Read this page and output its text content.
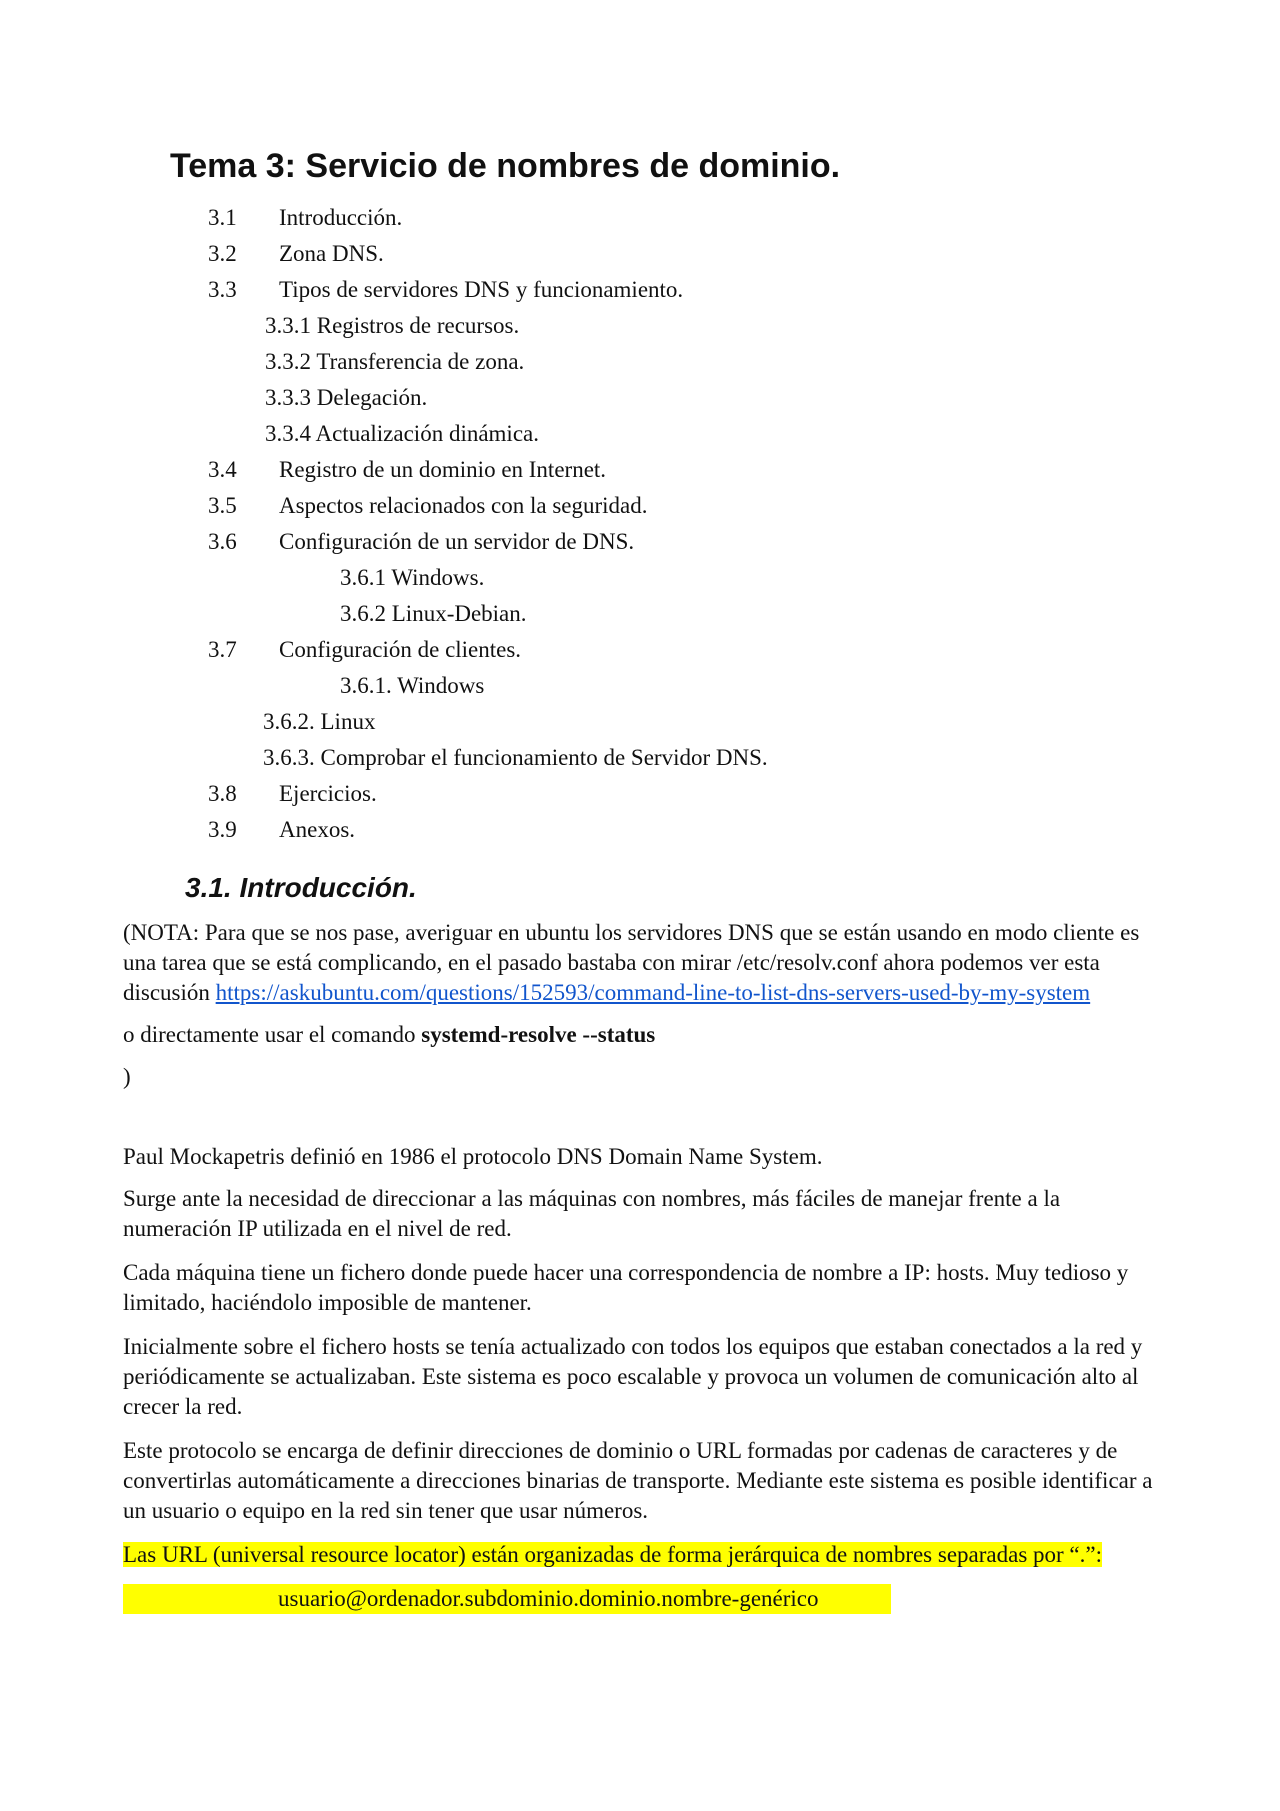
Tema 3: Servicio de nombres de dominio.
3.1 Introducción.
3.2 Zona DNS.
3.3 Tipos de servidores DNS y funcionamiento.
3.3.1 Registros de recursos.
3.3.2 Transferencia de zona.
3.3.3 Delegación.
3.3.4 Actualización dinámica.
3.4 Registro de un dominio en Internet.
3.5 Aspectos relacionados con la seguridad.
3.6 Configuración de un servidor de DNS.
3.6.1 Windows.
3.6.2 Linux-Debian.
3.7 Configuración de clientes.
3.6.1. Windows
3.6.2. Linux
3.6.3. Comprobar el funcionamiento de Servidor DNS.
3.8 Ejercicios.
3.9 Anexos.
3.1. Introducción.

(NOTA: Para que se nos pase, averiguar en ubuntu los servidores DNS que se están usando en modo cliente es una tarea que se está complicando, en el pasado bastaba con mirar /etc/resolv.conf ahora podemos ver esta discusión https://askubuntu.com/questions/152593/command-line-to-list-dns-servers-used-by-my-system

o directamente usar el comando systemd-resolve --status

)

Paul Mockapetris definió en 1986 el protocolo DNS Domain Name System.

Surge ante la necesidad de direccionar a las máquinas con nombres, más fáciles de manejar frente a la numeración IP utilizada en el nivel de red.

Cada máquina tiene un fichero donde puede hacer una correspondencia de nombre a IP: hosts. Muy tedioso y limitado, haciéndolo imposible de mantener.

Inicialmente sobre el fichero hosts se tenía actualizado con todos los equipos que estaban conectados a la red y periódicamente se actualizaban. Este sistema es poco escalable y provoca un volumen de comunicación alto al crecer la red.

Este protocolo se encarga de definir direcciones de dominio o URL formadas por cadenas de caracteres y de convertirlas automáticamente a direcciones binarias de transporte. Mediante este sistema es posible identificar a un usuario o equipo en la red sin tener que usar números.

Las URL (universal resource locator) están organizadas de forma jerárquica de nombres separadas por “.”:

usuario@ordenador.subdominio.dominio.nombre-genérico
